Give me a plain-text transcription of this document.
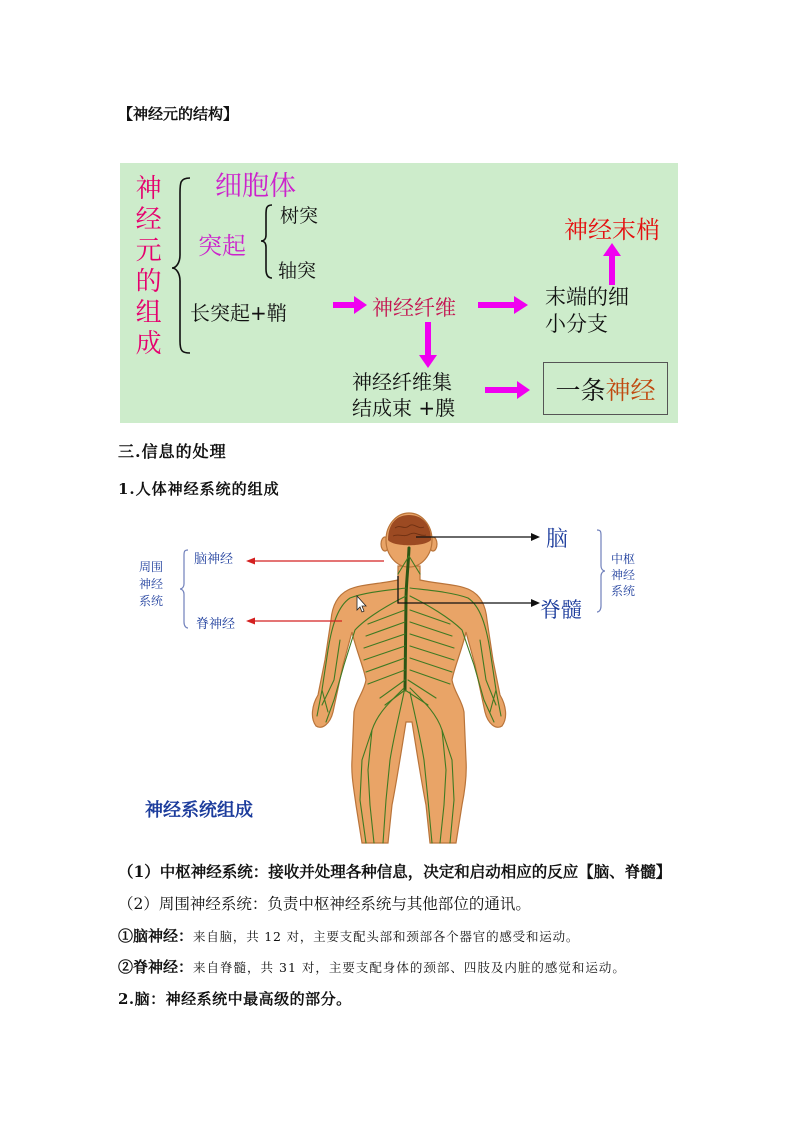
【神经元的结构】
神经元的组成
细胞体
突起
树突
轴突
长突起+鞘	神经纤维	末端的细
小分支
神经末梢
神经纤维集
结成束 +膜
一条 神经
三.信息的处理
1.人体神经系统的组成
周围
神经
系统
脑神经
脊神经
脑
脊髓
中枢
神经
系统
神经系统组成
（1）中枢神经系统：接收并处理各种信息，决定和启动相应的反应【脑、脊髓】
（2）周围神经系统：负责中枢神经系统与其他部位的通讯。
①脑神经：来自脑，共 12 对，主要支配头部和颈部各个器官的感受和运动。
②脊神经：来自脊髓，共 31 对，主要支配身体的颈部、四肢及内脏的感觉和运动。
2.脑：神经系统中最高级的部分。
